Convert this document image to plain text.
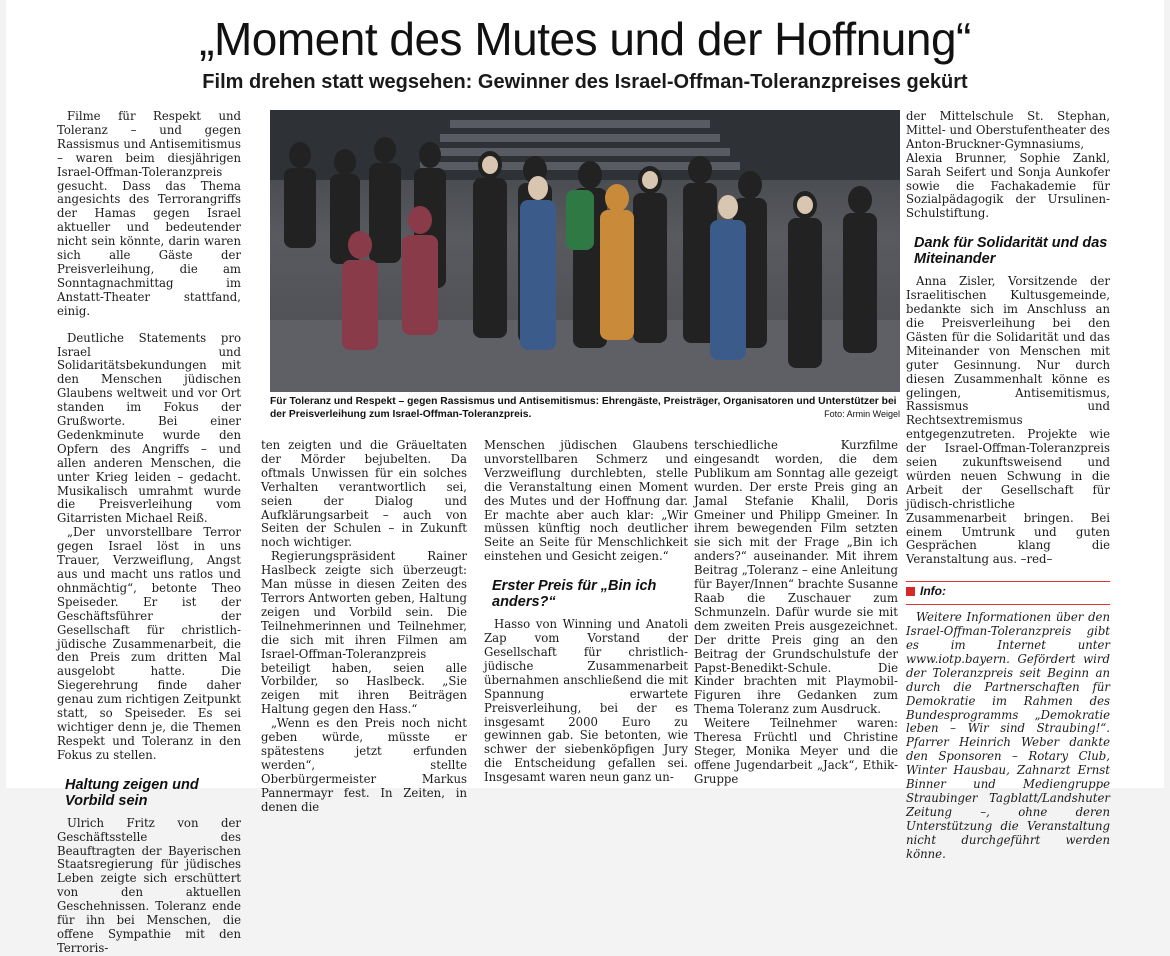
„Moment des Mutes und der Hoffnung“
Film drehen statt wegsehen: Gewinner des Israel-Offman-Toleranzpreises gekürt

Filme für Respekt und Toleranz – und gegen Rassismus und Antisemitismus – waren beim diesjährigen Israel-Offman-Toleranzpreis gesucht. Dass das Thema angesichts des Terrorangriffs der Hamas gegen Israel aktueller und bedeutender nicht sein könnte, darin waren sich alle Gäste der Preisverleihung, die am Sonntagnachmittag im Anstatt-Theater stattfand, einig.

Deutliche Statements pro Israel und Solidaritätsbekundungen mit den Menschen jüdischen Glaubens weltweit und vor Ort standen im Fokus der Grußworte. Bei einer Gedenkminute wurde den Opfern des Angriffs – und allen anderen Menschen, die unter Krieg leiden – gedacht. Musikalisch umrahmt wurde die Preisverleihung vom Gitarristen Michael Reiß.

„Der unvorstellbare Terror gegen Israel löst in uns Trauer, Verzweiflung, Angst aus und macht uns ratlos und ohnmächtig“, betonte Theo Speiseder. Er ist der Geschäftsführer der Gesellschaft für christlich-jüdische Zusammenarbeit, die den Preis zum dritten Mal ausgelobt hatte. Die Siegerehrung finde daher genau zum richtigen Zeitpunkt statt, so Speiseder. Es sei wichtiger denn je, die Themen Respekt und Toleranz in den Fokus zu stellen.

Haltung zeigen und Vorbild sein

Ulrich Fritz von der Geschäftsstelle des Beauftragten der Bayerischen Staatsregierung für jüdisches Leben zeigte sich erschüttert von den aktuellen Geschehnissen. Toleranz ende für ihn bei Menschen, die offene Sympathie mit den Terroris-

Für Toleranz und Respekt – gegen Rassismus und Antisemitismus: Ehrengäste, Preisträger, Organisatoren und Unterstützer bei der Preisverleihung zum Israel-Offman-Toleranzpreis.	Foto: Armin Weigel

ten zeigten und die Gräueltaten der Mörder bejubelten. Da oftmals Unwissen für ein solches Verhalten verantwortlich sei, seien der Dialog und Aufklärungsarbeit – auch von Seiten der Schulen – in Zukunft noch wichtiger.

Regierungspräsident Rainer Haslbeck zeigte sich überzeugt: Man müsse in diesen Zeiten des Terrors Antworten geben, Haltung zeigen und Vorbild sein. Die Teilnehmerinnen und Teilnehmer, die sich mit ihren Filmen am Israel-Offman-Toleranzpreis beteiligt haben, seien alle Vorbilder, so Haslbeck. „Sie zeigen mit ihren Beiträgen Haltung gegen den Hass.“

„Wenn es den Preis noch nicht geben würde, müsste er spätestens jetzt erfunden werden“, stellte Oberbürgermeister Markus Pannermayr fest. In Zeiten, in denen die

Menschen jüdischen Glaubens unvorstellbaren Schmerz und Verzweiflung durchlebten, stelle die Veranstaltung einen Moment des Mutes und der Hoffnung dar. Er machte aber auch klar: „Wir müssen künftig noch deutlicher Seite an Seite für Menschlichkeit einstehen und Gesicht zeigen.“

Erster Preis für „Bin ich anders?“

Hasso von Winning und Anatoli Zap vom Vorstand der Gesellschaft für christlich-jüdische Zusammenarbeit übernahmen anschließend die mit Spannung erwartete Preisverleihung, bei der es insgesamt 2000 Euro zu gewinnen gab. Sie betonten, wie schwer der siebenköpfigen Jury die Entscheidung gefallen sei. Insgesamt waren neun ganz un-

terschiedliche Kurzfilme eingesandt worden, die dem Publikum am Sonntag alle gezeigt wurden. Der erste Preis ging an Jamal Stefanie Khalil, Doris Gmeiner und Philipp Gmeiner. In ihrem bewegenden Film setzten sie sich mit der Frage „Bin ich anders?“ auseinander. Mit ihrem Beitrag „Toleranz – eine Anleitung für Bayer/Innen“ brachte Susanne Raab die Zuschauer zum Schmunzeln. Dafür wurde sie mit dem zweiten Preis ausgezeichnet. Der dritte Preis ging an den Beitrag der Grundschulstufe der Papst-Benedikt-Schule. Die Kinder brachten mit Playmobil-Figuren ihre Gedanken zum Thema Toleranz zum Ausdruck.

Weitere Teilnehmer waren: Theresa Früchtl und Christine Steger, Monika Meyer und die offene Jugendarbeit „Jack“, Ethik-Gruppe

der Mittelschule St. Stephan, Mittel- und Oberstufentheater des Anton-Bruckner-Gymnasiums, Alexia Brunner, Sophie Zankl, Sarah Seifert und Sonja Aunkofer sowie die Fachakademie für Sozialpädagogik der Ursulinen-Schulstiftung.

Dank für Solidarität und das Miteinander

Anna Zisler, Vorsitzende der Israelitischen Kultusgemeinde, bedankte sich im Anschluss an die Preisverleihung bei den Gästen für die Solidarität und das Miteinander von Menschen mit guter Gesinnung. Nur durch diesen Zusammenhalt könne es gelingen, Antisemitismus, Rassismus und Rechtsextremismus entgegenzutreten. Projekte wie der Israel-Offman-Toleranzpreis seien zukunftsweisend und würden neuen Schwung in die Arbeit der Gesellschaft für jüdisch-christliche Zusammenarbeit bringen. Bei einem Umtrunk und guten Gesprächen klang die Veranstaltung aus. –red–

Info:

Weitere Informationen über den Israel-Offman-Toleranzpreis gibt es im Internet unter www.iotp.bayern. Gefördert wird der Toleranzpreis seit Beginn an durch die Partnerschaften für Demokratie im Rahmen des Bundesprogramms „Demokratie leben – Wir sind Straubing!“. Pfarrer Heinrich Weber dankte den Sponsoren – Rotary Club, Winter Hausbau, Zahnarzt Ernst Binner und Mediengruppe Straubinger Tagblatt/Landshuter Zeitung –, ohne deren Unterstützung die Veranstaltung nicht durchgeführt werden könne.
